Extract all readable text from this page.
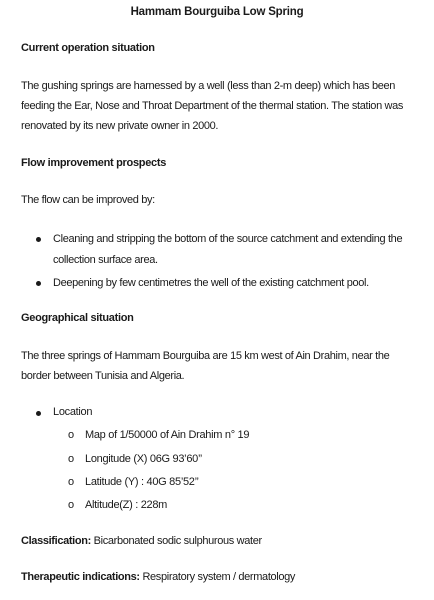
Hammam Bourguiba Low Spring
Current operation situation
The gushing springs are harnessed by a well (less than 2-m deep) which has been feeding the Ear, Nose and Throat Department of the thermal station. The station was renovated by its new private owner in 2000.
Flow improvement prospects
The flow can be improved by:
Cleaning and stripping the bottom of the source catchment and extending the collection surface area.
Deepening by few centimetres the well of the existing catchment pool.
Geographical situation
The three springs of Hammam Bourguiba are 15 km west of Ain Drahim, near the border between Tunisia and Algeria.
Location
o Map of 1/50000 of Ain Drahim n° 19
o Longitude (X) 06G 93’60’’
o Latitude (Y) : 40G 85’52’’
o Altitude(Z) : 228m
Classification: Bicarbonated sodic sulphurous water
Therapeutic indications: Respiratory system / dermatology
